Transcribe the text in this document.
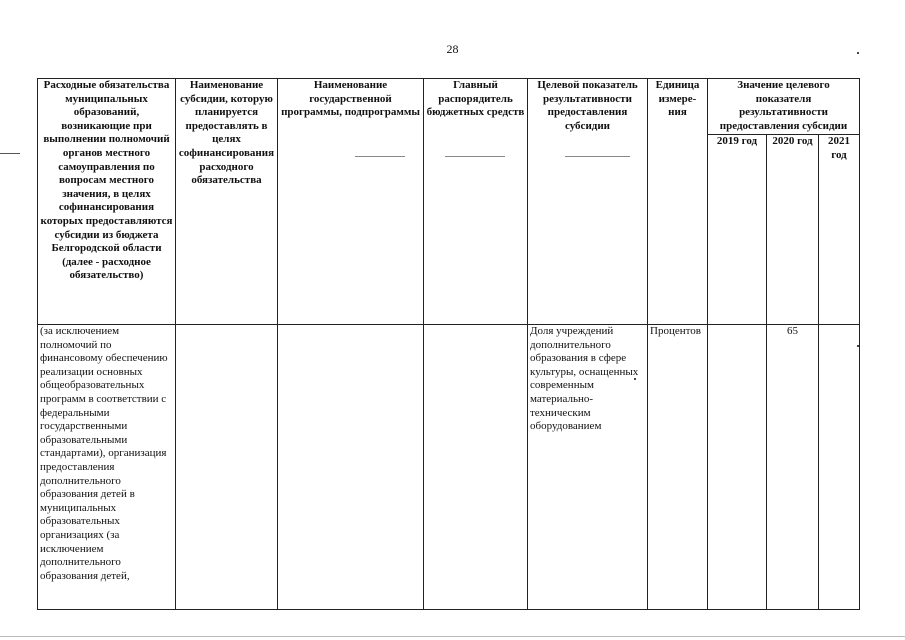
28
Расходные обязательства муниципальных образований, возникающие при выполнении полномочий органов местного самоуправления по вопросам местного значения, в целях софинансирования которых предоставляются субсидии из бюджета Белгородской области (далее - расходное обязательство)	Наименование субсидии, которую планируется предоставлять в целях софинансирования расходного обязательства	Наименование государственной программы, подпрограммы	Главный распорядитель бюджетных средств	Целевой показатель результативности предоставления субсидии	Единица измере- ния	Значение целевого показателя результативности предоставления субсидии		
						2019 год	2020 год	2021 год
(за исключением полномочий по финансовому обеспечению реализации основных общеобразовательных программ в соответствии с федеральными государственными образовательными стандартами), организация предоставления дополнительного образования детей в муниципальных образовательных организациях (за исключением дополнительного образования детей,				Доля учреждений дополнительного образования в сфере культуры, оснащенных современным материально-техническим оборудованием	Процентов		65	
